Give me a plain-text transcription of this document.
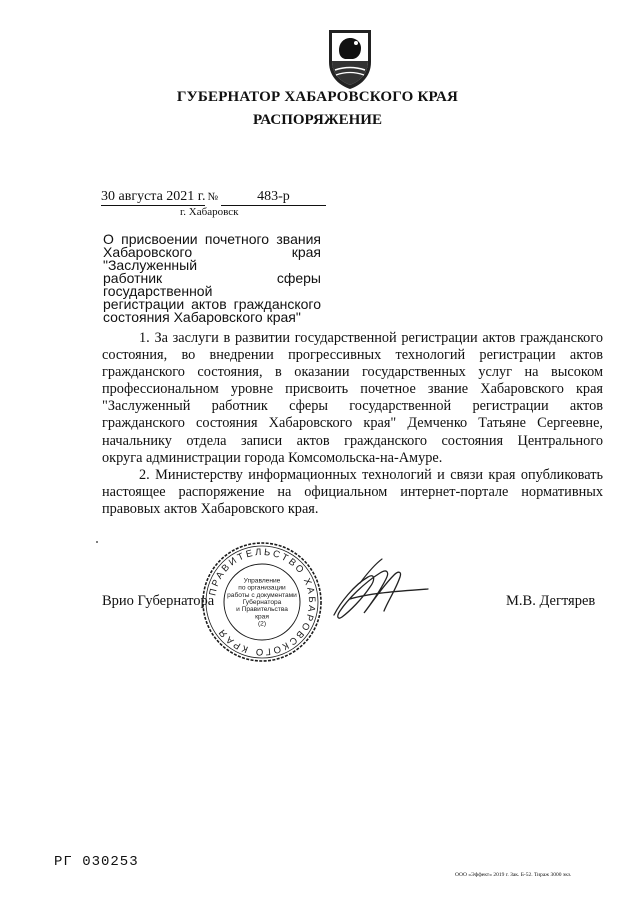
ГУБЕРНАТОР ХАБАРОВСКОГО КРАЯ
РАСПОРЯЖЕНИЕ
30 августа 2021 г. №	483-р
г. Хабаровск
О присвоении почетного звания
Хабаровского края "Заслуженный
работник сферы государственной
регистрации актов гражданского
состояния Хабаровского края"

1. За заслуги в развитии государственной регистрации актов гражданского
состояния, во внедрении прогрессивных технологий регистрации актов
гражданского состояния, в оказании государственных услуг на высоком
профессиональном уровне присвоить почетное звание Хабаровского края
"Заслуженный работник сферы государственной регистрации актов
гражданского состояния Хабаровского края" Демченко Татьяне Сергеевне,
начальнику отдела записи актов гражданского состояния Центрального
округа администрации города Комсомольска-на-Амуре.

2. Министерству информационных технологий и связи края опубликовать
настоящее распоряжение на официальном интернет-портале нормативных
правовых актов Хабаровского края.

Врио Губернатора
ПРАВИТЕЛЬСТВО ХАБАРОВСКОГО КРАЯ
Управление
по организации
работы с документами
Губернатора
и Правительства
края
(2)
М.В. Дегтярев
РГ 030253
ООО «Эффект» 2019 г. Зак. Б-52. Тираж 3000 экз.
